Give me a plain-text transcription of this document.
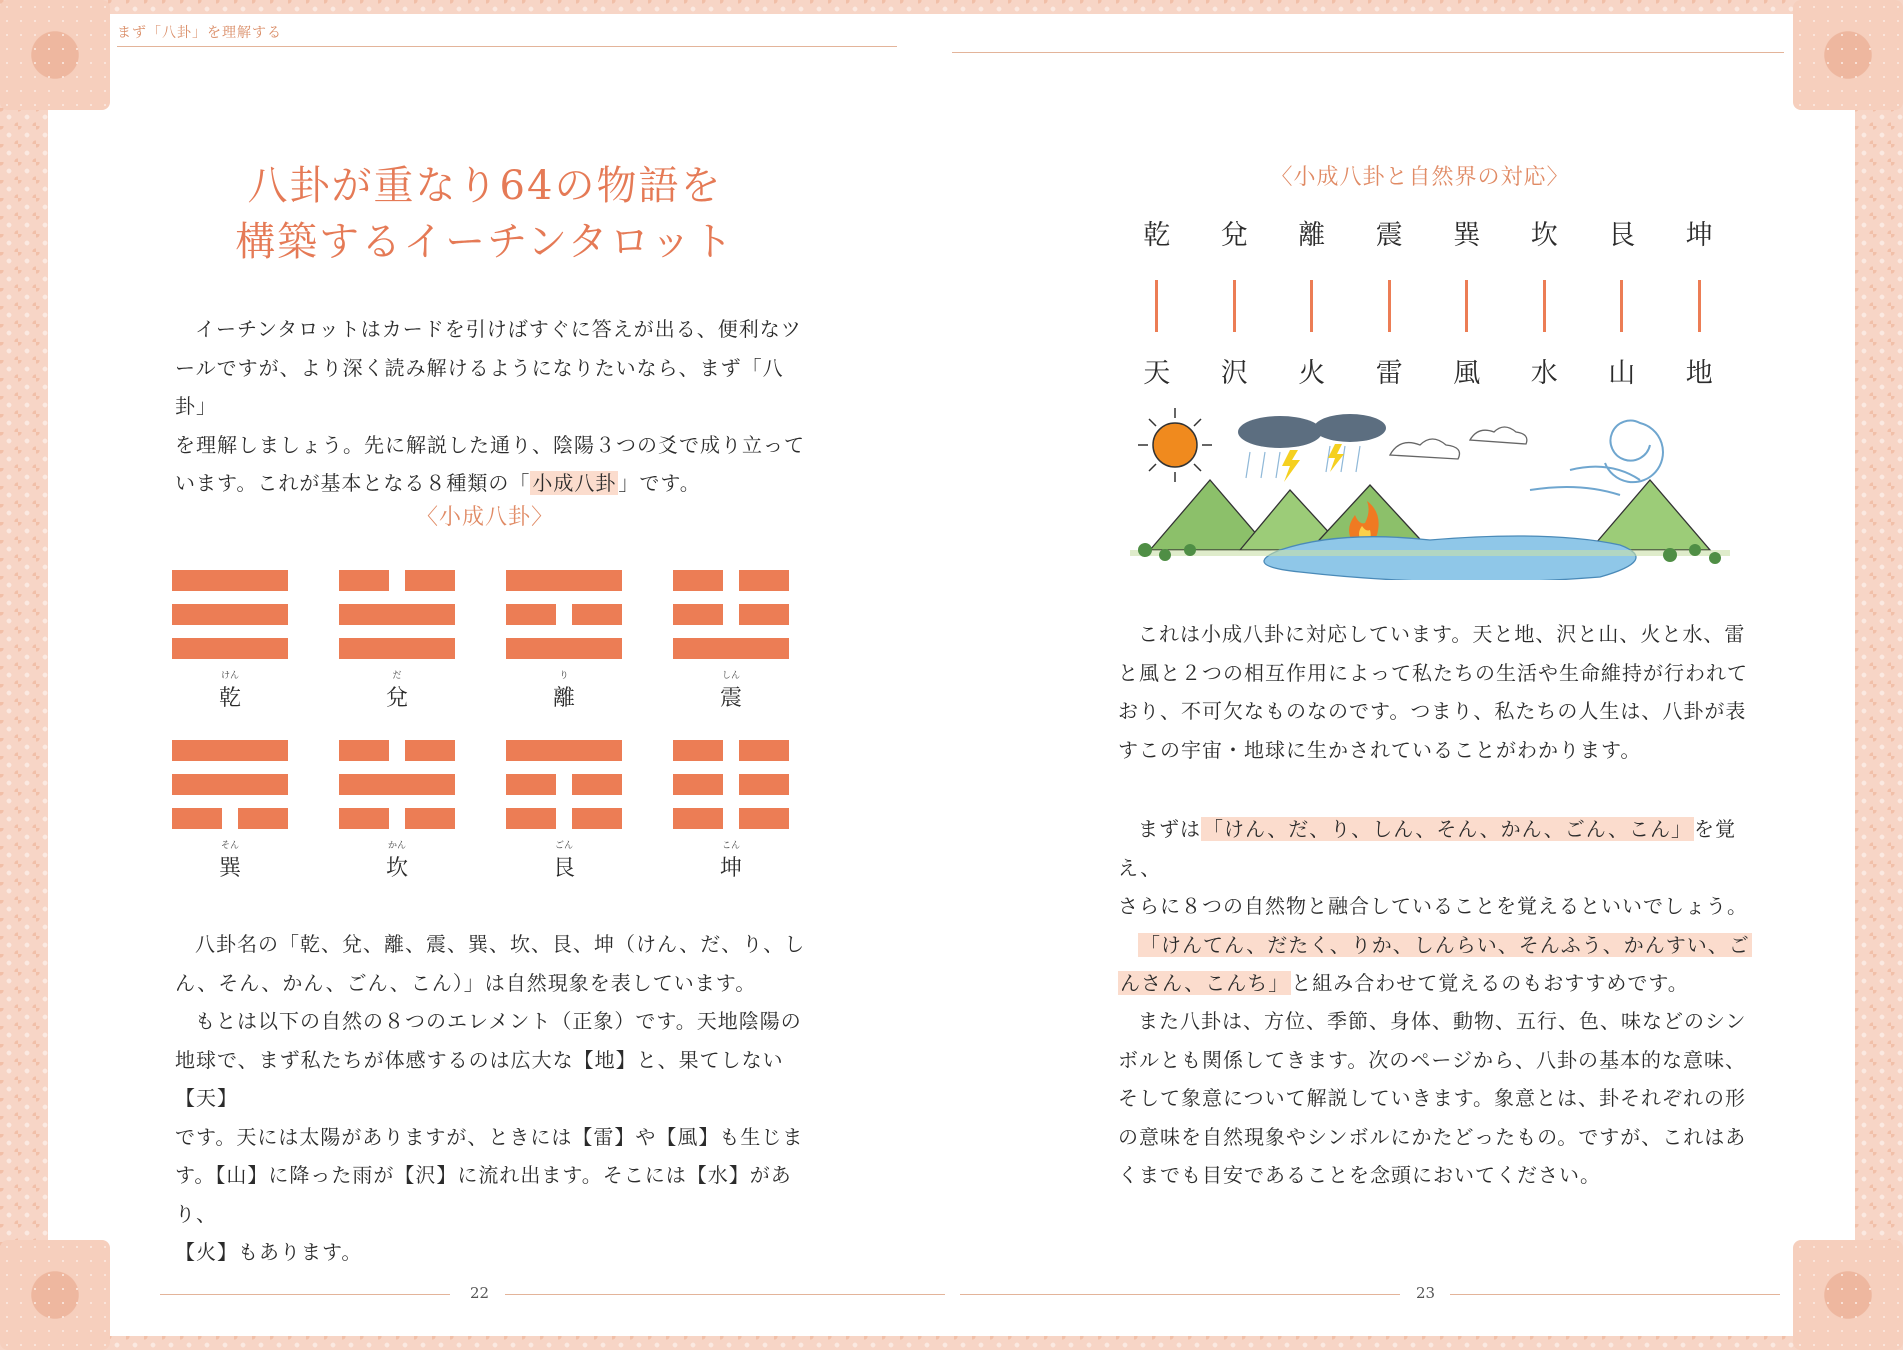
まず「八卦」を理解する
八卦が重なり64の物語を
構築するイーチンタロット
イーチンタロットはカードを引けばすぐに答えが出る、便利なツ
ールですが、より深く読み解けるようになりたいなら、まず「八卦」
を理解しましょう。先に解説した通り、陰陽３つの爻で成り立って
います。これが基本となる８種類の「 小成八卦 」です。
〈小成八卦〉
けん
乾
だ
兌
り
離
しん
震
そん
巽
かん
坎
ごん
艮
こん
坤
八卦名の「乾、兌、離、震、巽、坎、艮、坤（けん、だ、り、し
ん、そん、かん、ごん、こん）」は自然現象を表しています。
もとは以下の自然の８つのエレメント（正象）です。天地陰陽の
地球で、まず私たちが体感するのは広大な【地】と、果てしない【天】
です。天には太陽がありますが、ときには【雷】や【風】も生じま
す。【山】に降った雨が【沢】に流れ出ます。そこには【水】があり、
【火】もあります。
22
〈小成八卦と自然界の対応〉
乾
天
兌
沢
離
火
震
雷
巽
風
坎
水
艮
山
坤
地
これは小成八卦に対応しています。天と地、沢と山、火と水、雷
と風と２つの相互作用によって私たちの生活や生命維持が行われて
おり、不可欠なものなのです。つまり、私たちの人生は、八卦が表
すこの宇宙・地球に生かされていることがわかります。
まずは 「けん、だ、り、しん、そん、かん、ごん、こん」 を覚え、
さらに８つの自然物と融合していることを覚えるといいでしょう。
「けんてん、だたく、りか、しんらい、そんふう、かんすい、ご
んさん、こんち」 と組み合わせて覚えるのもおすすめです。
また八卦は、方位、季節、身体、動物、五行、色、味などのシン
ボルとも関係してきます。次のページから、八卦の基本的な意味、
そして象意について解説していきます。象意とは、卦それぞれの形
の意味を自然現象やシンボルにかたどったもの。ですが、これはあ
くまでも目安であることを念頭においてください。
23
